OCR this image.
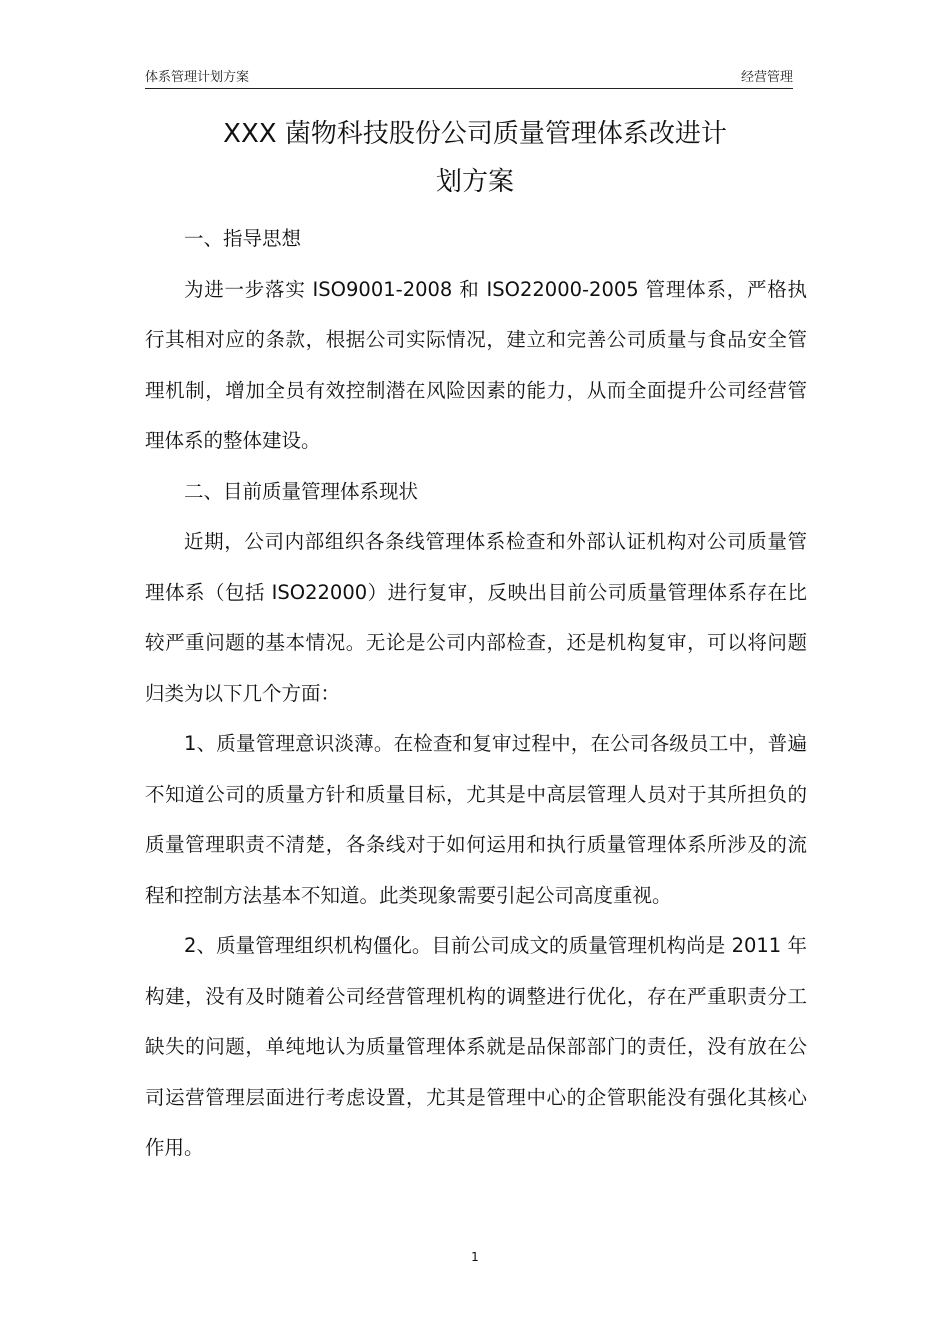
体系管理计划方案	经营管理
XXX 菌物科技股份公司质量管理体系改进计
划方案

一、指导思想

为进一步落实 ISO9001-2008 和 ISO22000-2005 管理体系，严格执行其相对应的条款，根据公司实际情况，建立和完善公司质量与食品安全管理机制，增加全员有效控制潜在风险因素的能力，从而全面提升公司经营管理体系的整体建设。

二、目前质量管理体系现状

近期，公司内部组织各条线管理体系检查和外部认证机构对公司质量管理体系（包括 ISO22000）进行复审，反映出目前公司质量管理体系存在比较严重问题的基本情况。无论是公司内部检查，还是机构复审，可以将问题归类为以下几个方面：

1、质量管理意识淡薄。在检查和复审过程中，在公司各级员工中，普遍不知道公司的质量方针和质量目标，尤其是中高层管理人员对于其所担负的质量管理职责不清楚，各条线对于如何运用和执行质量管理体系所涉及的流程和控制方法基本不知道。此类现象需要引起公司高度重视。

2、质量管理组织机构僵化。目前公司成文的质量管理机构尚是 2011 年构建，没有及时随着公司经营管理机构的调整进行优化，存在严重职责分工缺失的问题，单纯地认为质量管理体系就是品保部部门的责任，没有放在公司运营管理层面进行考虑设置，尤其是管理中心的企管职能没有强化其核心作用。

1
